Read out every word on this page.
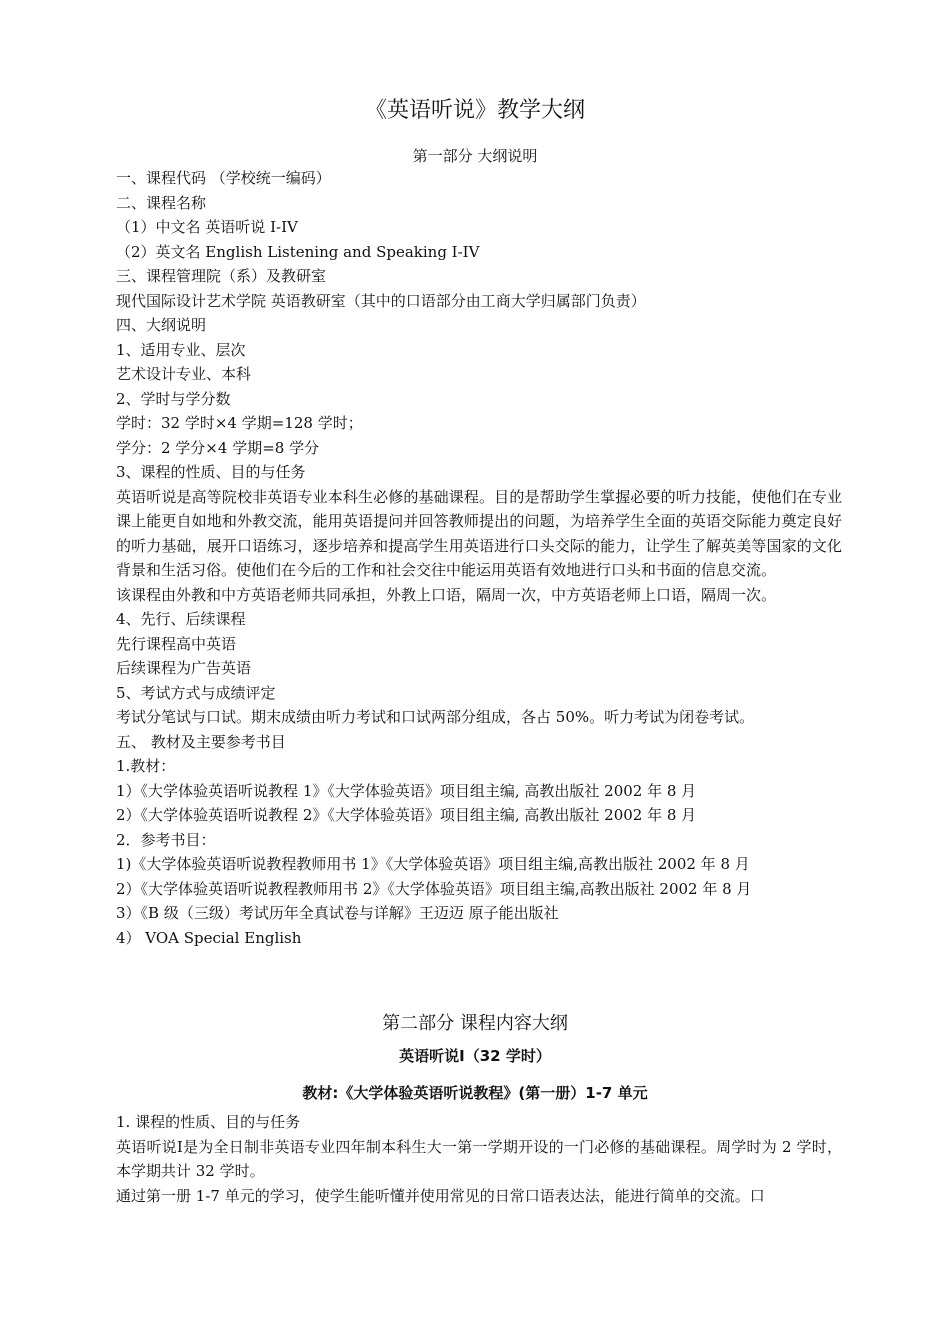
《英语听说》教学大纲
第一部分 大纲说明

一、课程代码 （学校统一编码）

二、课程名称

（1）中文名 英语听说 I-IV

（2）英文名 English Listening and Speaking I-IV

三、课程管理院（系）及教研室

现代国际设计艺术学院 英语教研室（其中的口语部分由工商大学归属部门负责）

四、大纲说明

1、适用专业、层次

艺术设计专业、本科

2、学时与学分数

学时：32 学时×4 学期=128 学时；

学分：2 学分×4 学期=8 学分

3、课程的性质、目的与任务

英语听说是高等院校非英语专业本科生必修的基础课程。目的是帮助学生掌握必要的听力技能，使他们在专业课上能更自如地和外教交流，能用英语提问并回答教师提出的问题，为培养学生全面的英语交际能力奠定良好的听力基础，展开口语练习，逐步培养和提高学生用英语进行口头交际的能力，让学生了解英美等国家的文化背景和生活习俗。使他们在今后的工作和社会交往中能运用英语有效地进行口头和书面的信息交流。

该课程由外教和中方英语老师共同承担，外教上口语，隔周一次，中方英语老师上口语，隔周一次。

4、先行、后续课程

先行课程高中英语

后续课程为广告英语

5、考试方式与成绩评定

考试分笔试与口试。期末成绩由听力考试和口试两部分组成，各占 50%。听力考试为闭卷考试。

五、 教材及主要参考书目

1.教材：

1）《大学体验英语听说教程 1》《大学体验英语》项目组主编, 高教出版社 2002 年 8 月

2）《大学体验英语听说教程 2》《大学体验英语》项目组主编, 高教出版社 2002 年 8 月

2．参考书目：

1)《大学体验英语听说教程教师用书 1》《大学体验英语》项目组主编,高教出版社 2002 年 8 月

2）《大学体验英语听说教程教师用书 2》《大学体验英语》项目组主编,高教出版社 2002 年 8 月

3）《B 级（三级）考试历年全真试卷与详解》王迈迈 原子能出版社

4） VOA Special English

第二部分 课程内容大纲
英语听说Ⅰ（32 学时）
教材:《大学体验英语听说教程》(第一册）1-7 单元

1. 课程的性质、目的与任务

英语听说Ⅰ是为全日制非英语专业四年制本科生大一第一学期开设的一门必修的基础课程。周学时为 2 学时，本学期共计 32 学时。

通过第一册 1-7 单元的学习，使学生能听懂并使用常见的日常口语表达法，能进行简单的交流。口
